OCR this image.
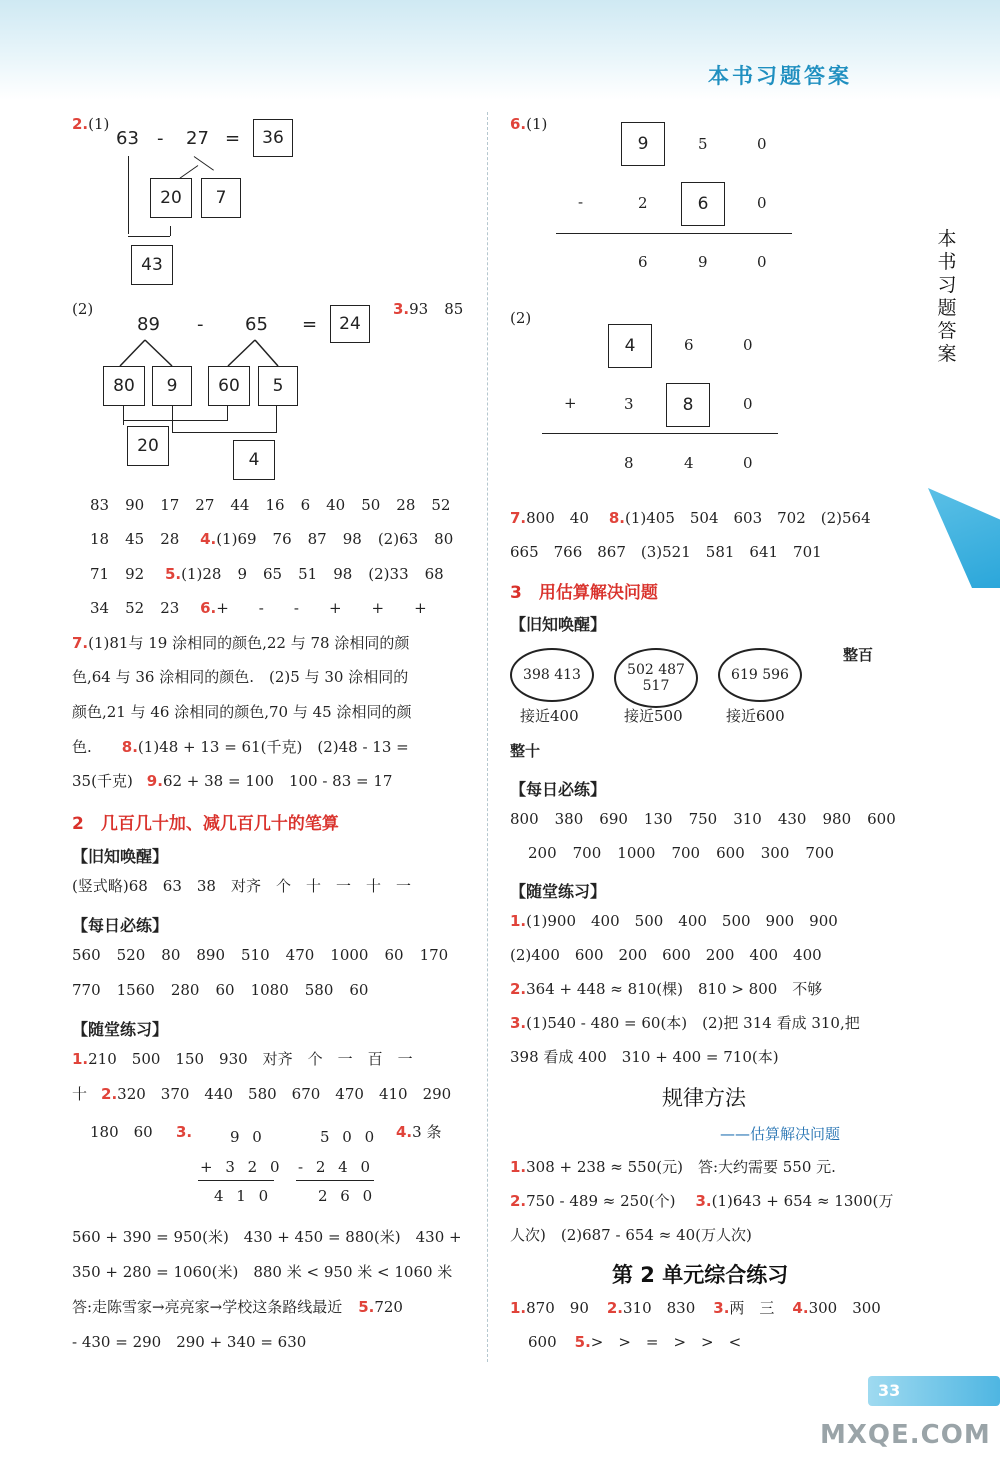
本书习题答案
本书习题答案
2.(1)
63 - 27 =	36
20	7
43
(2)
89 - 65 =	24
80	9	60	5
20
4
3.93 85
83 90 17 27 44 16 6 40 50 28 52
18 45 28 4.(1)69 76 87 98 (2)63 80
71 92 5.(1)28 9 65 51 98 (2)33 68
34 52 23 6.+ - - + + +
7.(1)81与 19 涂相同的颜色,22 与 78 涂相同的颜
色,64 与 36 涂相同的颜色.　(2)5 与 30 涂相同的
颜色,21 与 46 涂相同的颜色,70 与 45 涂相同的颜
色. 8.(1)48 + 13 = 61(千克)　(2)48 - 13 =
35(千克) 9.62 + 38 = 100　100 - 83 = 17
2　几百几十加、减几百几十的笔算
【旧知唤醒】
(竖式略)68　63　38　对齐　个　十　一　十　一
【每日必练】
560 520 80 890 510 470 1000 60 170
770 1560 280 60 1080 580 60
【随堂练习】
1.210　500　150　930　对齐　个　一　百　一
十 2.320　370　440　580　670　470　410　290
180　60 3.	9 0
+ 3 2 0
4 1 0
5 0 0
- 2 4 0
2 6 0
4.3 条
560 + 390 = 950(米)　430 + 450 = 880(米)　430 +
350 + 280 = 1060(米)　880 米 < 950 米 < 1060 米
答:走陈雪家→亮亮家→学校这条路线最近 5.720
- 430 = 290　290 + 340 = 630
6.(1)
9	5	0
-	2	6	0
6	9	0
(2)
4	6	0
+	3	8	0
8	4	0
7.800　40 8.(1)405　504　603　702　(2)564
665　766　867　(3)521　581　641　701
3　用估算解决问题
【旧知唤醒】
398 413	502 487 517
619 596
接近400	接近500	接近600
整百
整十
【每日必练】
800 380 690 130 750 310 430 980 600
200 700 1000 700 600 300 700
【随堂练习】
1.(1)900　400　500　400　500　900　900
(2)400　600　200　600　200　400　400
2.364 + 448 ≈ 810(棵)　810 > 800　不够
3.(1)540 - 480 = 60(本)　(2)把 314 看成 310,把
398 看成 400　310 + 400 = 710(本)
规律方法
——估算解决问题
1.308 + 238 ≈ 550(元)　答:大约需要 550 元.
2.750 - 489 ≈ 250(个) 3.(1)643 + 654 ≈ 1300(万
人次)　(2)687 - 654 ≈ 40(万人次)
第 2 单元综合练习
1.870　90 2.310　830 3.两　三 4.300　300
600 5.>　>　=　>　>　<
33
MXQE.COM
